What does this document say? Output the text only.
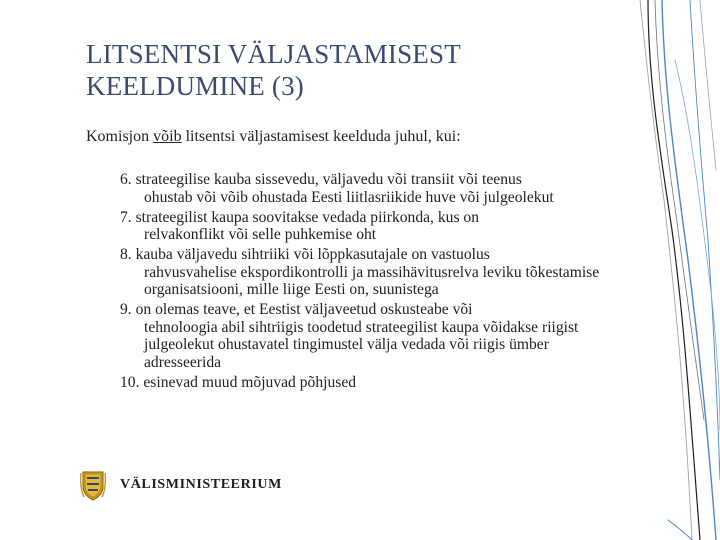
LITSENTSI VÄLJASTAMISEST
KEELDUMINE (3)
Komisjon võib litsentsi väljastamisest keelduda juhul, kui:
6. strateegilise kauba sissevedu, väljavedu või transiit või teenus
ohustab või võib ohustada Eesti liitlasriikide huve või julgeolekut
7. strateegilist kaupa soovitakse vedada piirkonda, kus on
relvakonflikt või selle puhkemise oht
8. kauba väljavedu sihtriiki või lõppkasutajale on vastuolus
rahvusvahelise ekspordikontrolli ja massihävitusrelva leviku tõkestamise organisatsiooni, mille liige Eesti on, suunistega
9. on olemas teave, et Eestist väljaveetud oskusteabe või
tehnoloogia abil sihtriigis toodetud strateegilist kaupa võidakse riigist julgeolekut ohustavatel tingimustel välja vedada või riigis ümber adresseerida
10. esinevad muud mõjuvad põhjused
VÄLISMINISTEERIUM
